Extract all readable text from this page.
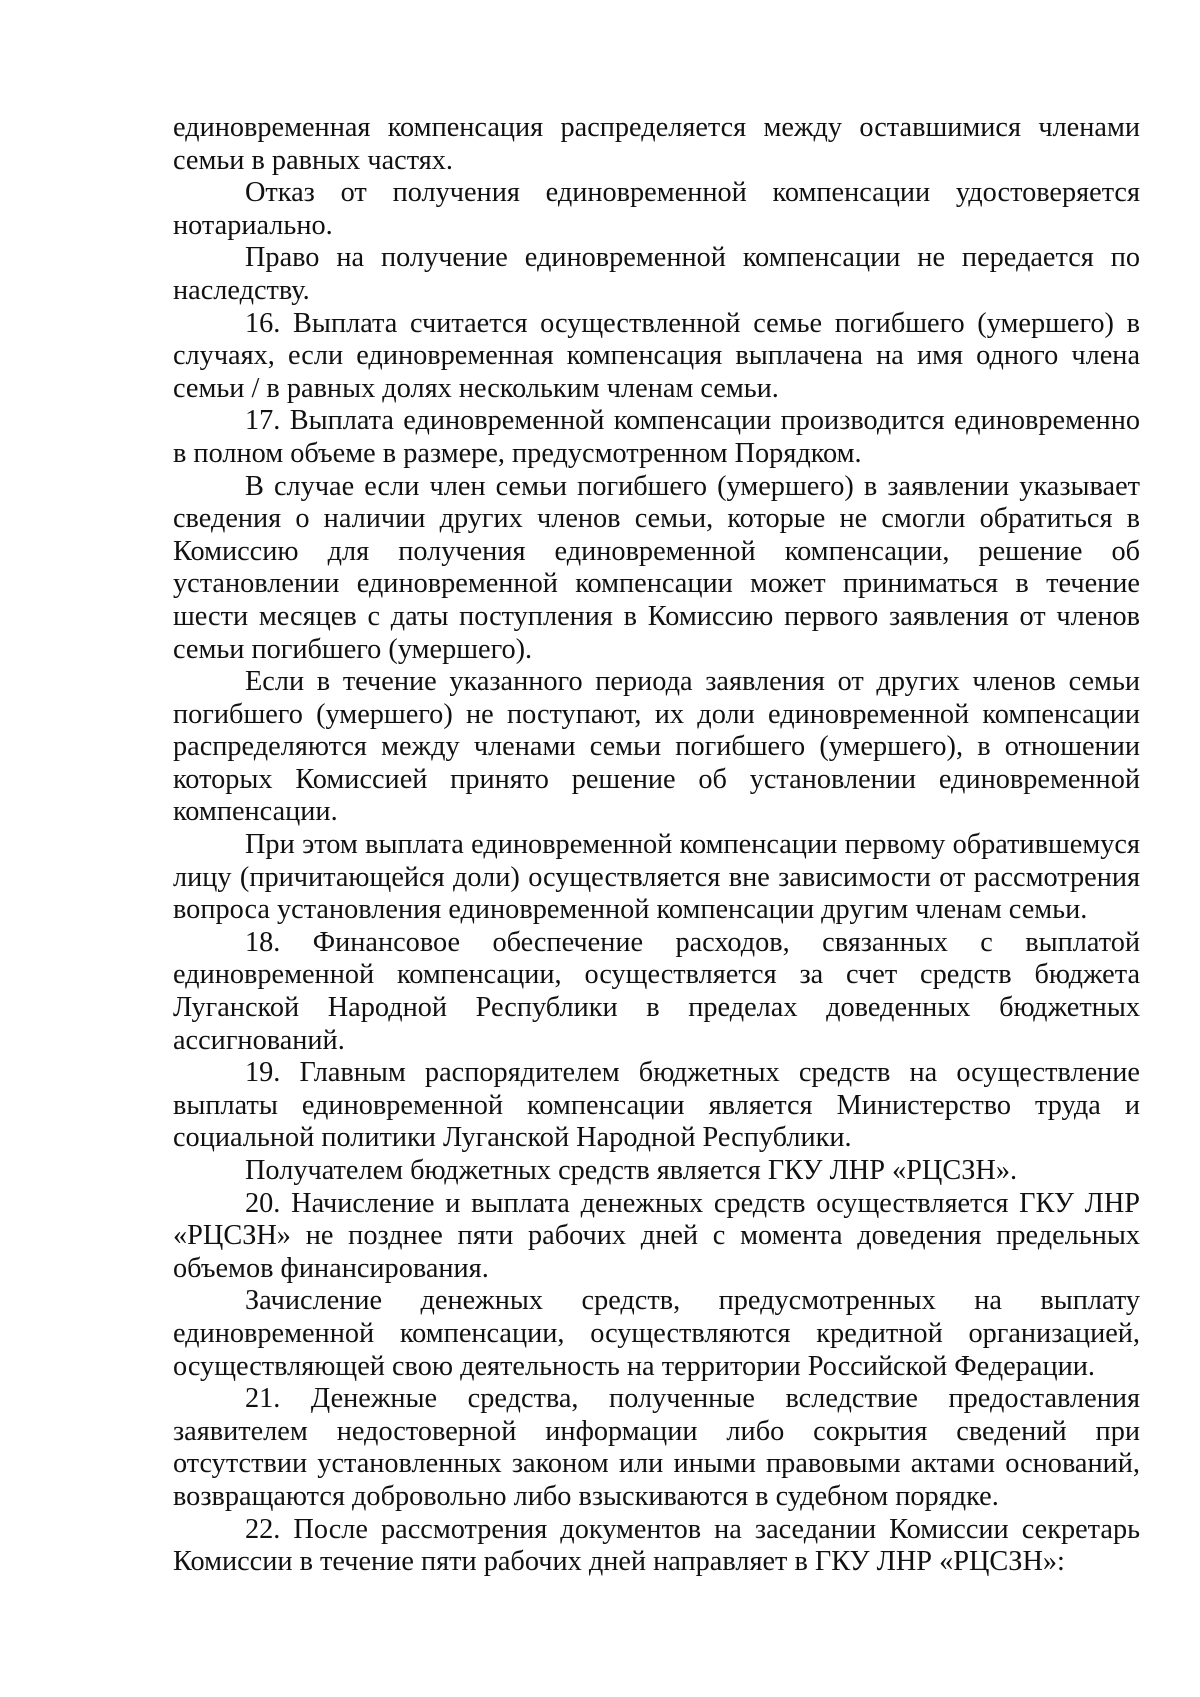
единовременная компенсация распределяется между оставшимися членами семьи в равных частях.

Отказ от получения единовременной компенсации удостоверяется нотариально.

Право на получение единовременной компенсации не передается по наследству.

16. Выплата считается осуществленной семье погибшего (умершего) в случаях, если единовременная компенсация выплачена на имя одного члена семьи / в равных долях нескольким членам семьи.

17. Выплата единовременной компенсации производится единовременно в полном объеме в размере, предусмотренном Порядком.

В случае если член семьи погибшего (умершего) в заявлении указывает сведения о наличии других членов семьи, которые не смогли обратиться в Комиссию для получения единовременной компенсации, решение об установлении единовременной компенсации может приниматься в течение шести месяцев с даты поступления в Комиссию первого заявления от членов семьи погибшего (умершего).

Если в течение указанного периода заявления от других членов семьи погибшего (умершего) не поступают, их доли единовременной компенсации распределяются между членами семьи погибшего (умершего), в отношении которых Комиссией принято решение об установлении единовременной компенсации.

При этом выплата единовременной компенсации первому обратившемуся лицу (причитающейся доли) осуществляется вне зависимости от рассмотрения вопроса установления единовременной компенсации другим членам семьи.

18. Финансовое обеспечение расходов, связанных с выплатой единовременной компенсации, осуществляется за счет средств бюджета Луганской Народной Республики в пределах доведенных бюджетных ассигнований.

19. Главным распорядителем бюджетных средств на осуществление выплаты единовременной компенсации является Министерство труда и социальной политики Луганской Народной Республики.

Получателем бюджетных средств является ГКУ ЛНР «РЦСЗН».

20. Начисление и выплата денежных средств осуществляется ГКУ ЛНР «РЦСЗН» не позднее пяти рабочих дней с момента доведения предельных объемов финансирования.

Зачисление денежных средств, предусмотренных на выплату единовременной компенсации, осуществляются кредитной организацией, осуществляющей свою деятельность на территории Российской Федерации.

21. Денежные средства, полученные вследствие предоставления заявителем недостоверной информации либо сокрытия сведений при отсутствии установленных законом или иными правовыми актами оснований, возвращаются добровольно либо взыскиваются в судебном порядке.

22. После рассмотрения документов на заседании Комиссии секретарь Комиссии в течение пяти рабочих дней направляет в ГКУ ЛНР «РЦСЗН»:
